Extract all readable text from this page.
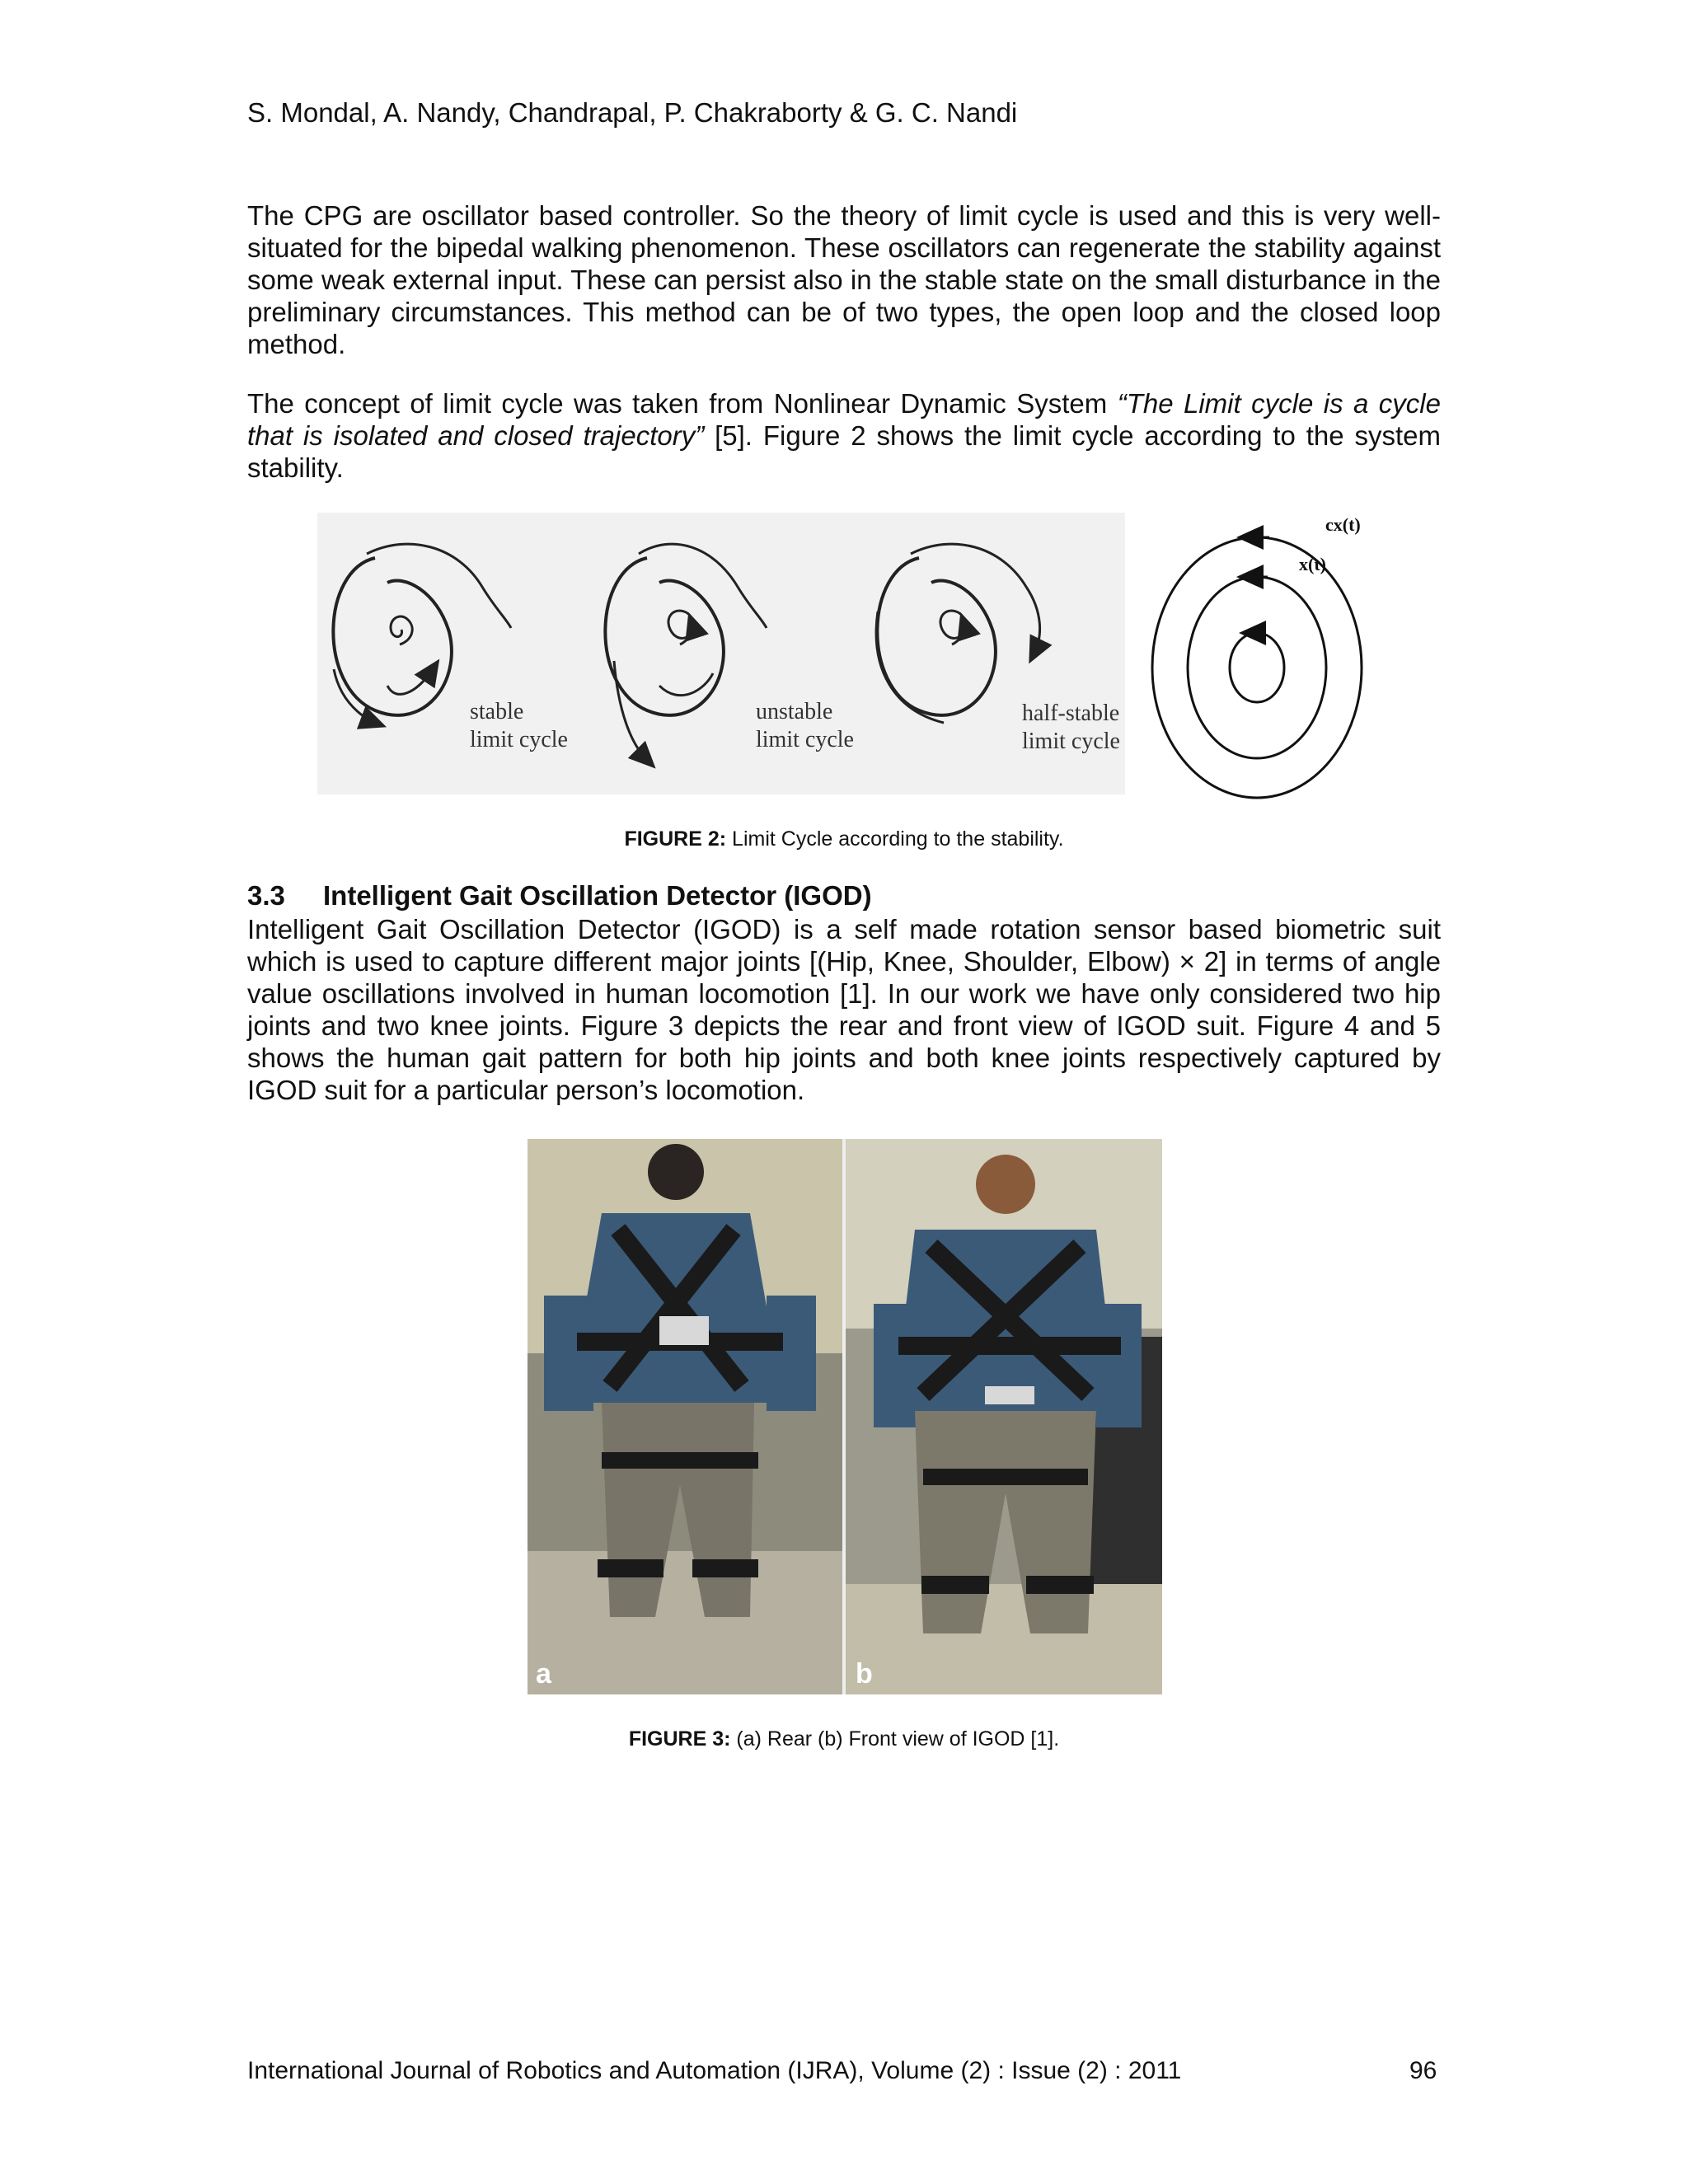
S. Mondal, A. Nandy, Chandrapal, P. Chakraborty & G. C. Nandi

The CPG are oscillator based controller. So the theory of limit cycle is used and this is very well-situated for the bipedal walking phenomenon. These oscillators can regenerate the stability against some weak external input. These can persist also in the stable state on the small disturbance in the preliminary circumstances. This method can be of two types, the open loop and the closed loop method.

The concept of limit cycle was taken from Nonlinear Dynamic System “The Limit cycle is a cycle that is isolated and closed trajectory” [5]. Figure 2 shows the limit cycle according to the system stability.

stable
limit cycle
unstable
limit cycle
half-stable
limit cycle
cx(t)
x(t)
FIGURE 2: Limit Cycle according to the stability.
3.3 Intelligent Gait Oscillation Detector (IGOD)

Intelligent Gait Oscillation Detector (IGOD) is a self made rotation sensor based biometric suit which is used to capture different major joints [(Hip, Knee, Shoulder, Elbow) × 2] in terms of angle value oscillations involved in human locomotion [1]. In our work we have only considered two hip joints and two knee joints. Figure 3 depicts the rear and front view of IGOD suit. Figure 4 and 5 shows the human gait pattern for both hip joints and both knee joints respectively captured by IGOD suit for a particular person’s locomotion.

a	b
FIGURE 3: (a) Rear (b) Front view of IGOD [1].
International Journal of Robotics and Automation (IJRA), Volume (2) : Issue (2) : 2011	96
